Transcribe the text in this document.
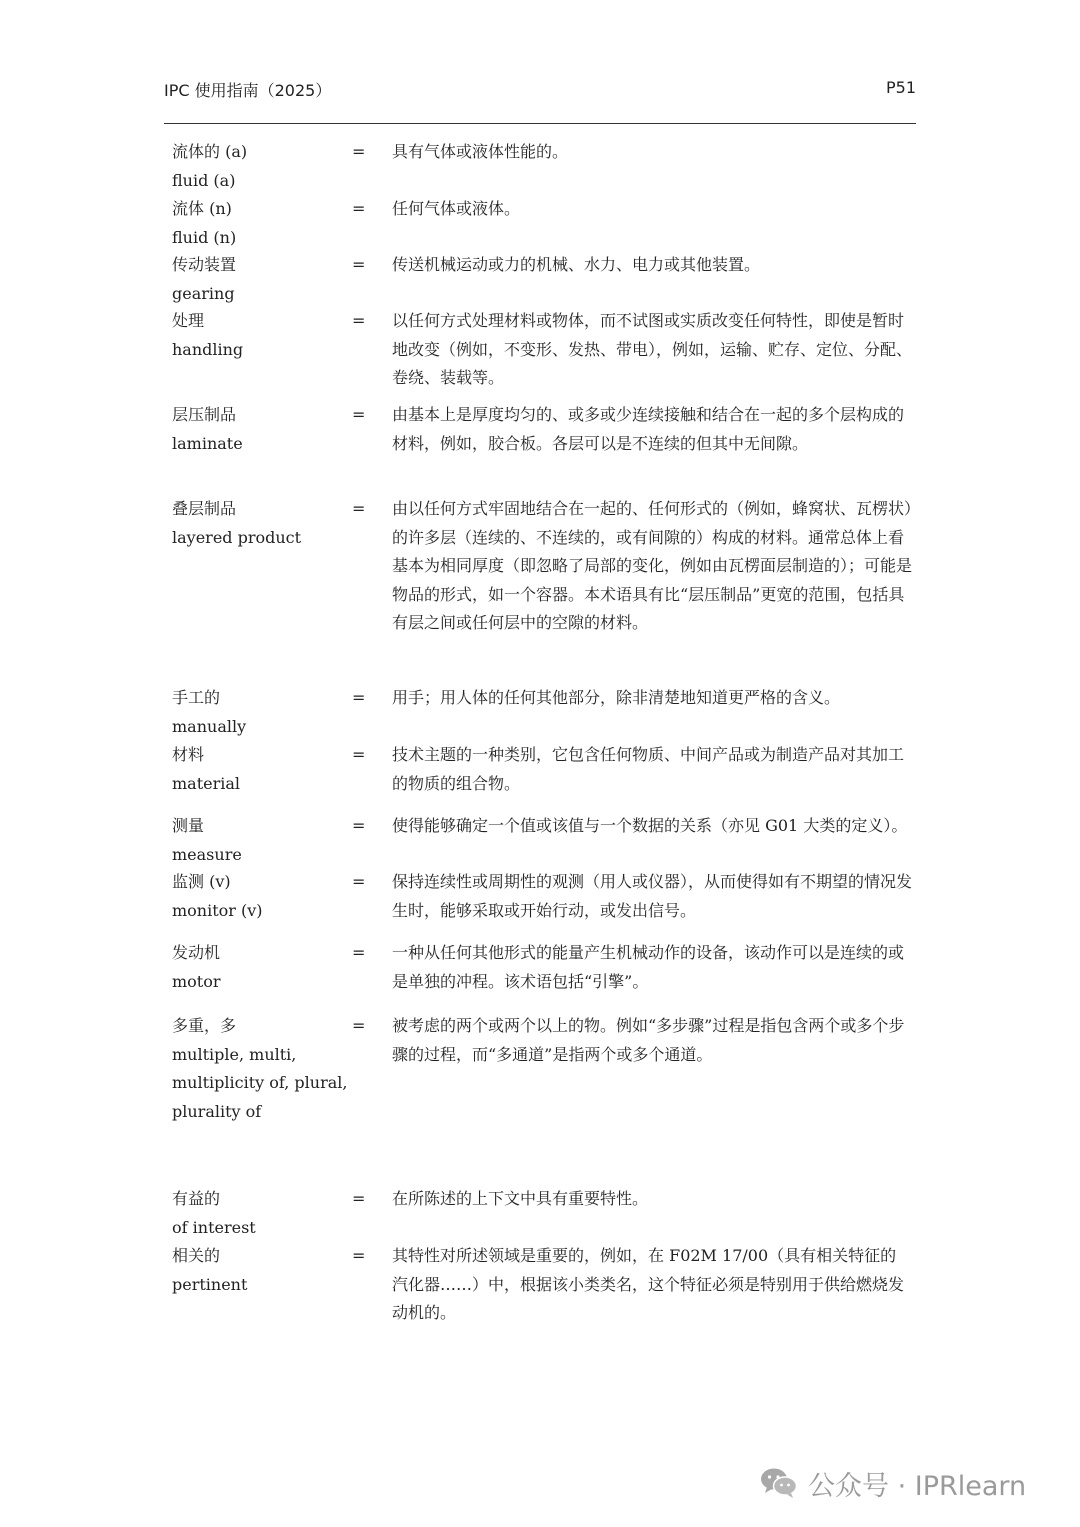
IPC 使用指南（2025）	P51
流体的 (a)
fluid (a)
= 具有气体或液体性能的。
流体 (n)
fluid (n)
= 任何气体或液体。
传动装置
gearing
= 传送机械运动或力的机械、水力、电力或其他装置。
处理
handling
= 以任何方式处理材料或物体，而不试图或实质改变任何特性，即使是暂时地改变（例如，不变形、发热、带电），例如，运输、贮存、定位、分配、卷绕、装载等。
层压制品
laminate
= 由基本上是厚度均匀的、或多或少连续接触和结合在一起的多个层构成的材料，例如，胶合板。各层可以是不连续的但其中无间隙。
叠层制品
layered product
= 由以任何方式牢固地结合在一起的、任何形式的（例如，蜂窝状、瓦楞状）的许多层（连续的、不连续的，或有间隙的）构成的材料。通常总体上看基本为相同厚度（即忽略了局部的变化，例如由瓦楞面层制造的）；可能是物品的形式，如一个容器。本术语具有比“层压制品”更宽的范围，包括具有层之间或任何层中的空隙的材料。
手工的
manually
= 用手；用人体的任何其他部分，除非清楚地知道更严格的含义。
材料
material
= 技术主题的一种类别，它包含任何物质、中间产品或为制造产品对其加工的物质的组合物。
测量
measure
= 使得能够确定一个值或该值与一个数据的关系（亦见 G01 大类的定义）。
监测 (v)
monitor (v)
= 保持连续性或周期性的观测（用人或仪器），从而使得如有不期望的情况发生时，能够采取或开始行动，或发出信号。
发动机
motor
= 一种从任何其他形式的能量产生机械动作的设备，该动作可以是连续的或是单独的冲程。该术语包括“引擎”。
多重，多
multiple, multi,
multiplicity of, plural,
plurality of
= 被考虑的两个或两个以上的物。例如“多步骤”过程是指包含两个或多个步骤的过程，而“多通道”是指两个或多个通道。
有益的
of interest
= 在所陈述的上下文中具有重要特性。
相关的
pertinent
= 其特性对所述领域是重要的，例如，在 F02M 17/00（具有相关特征的汽化器……）中，根据该小类类名，这个特征必须是特别用于供给燃烧发动机的。
公众号 · IPRlearn
